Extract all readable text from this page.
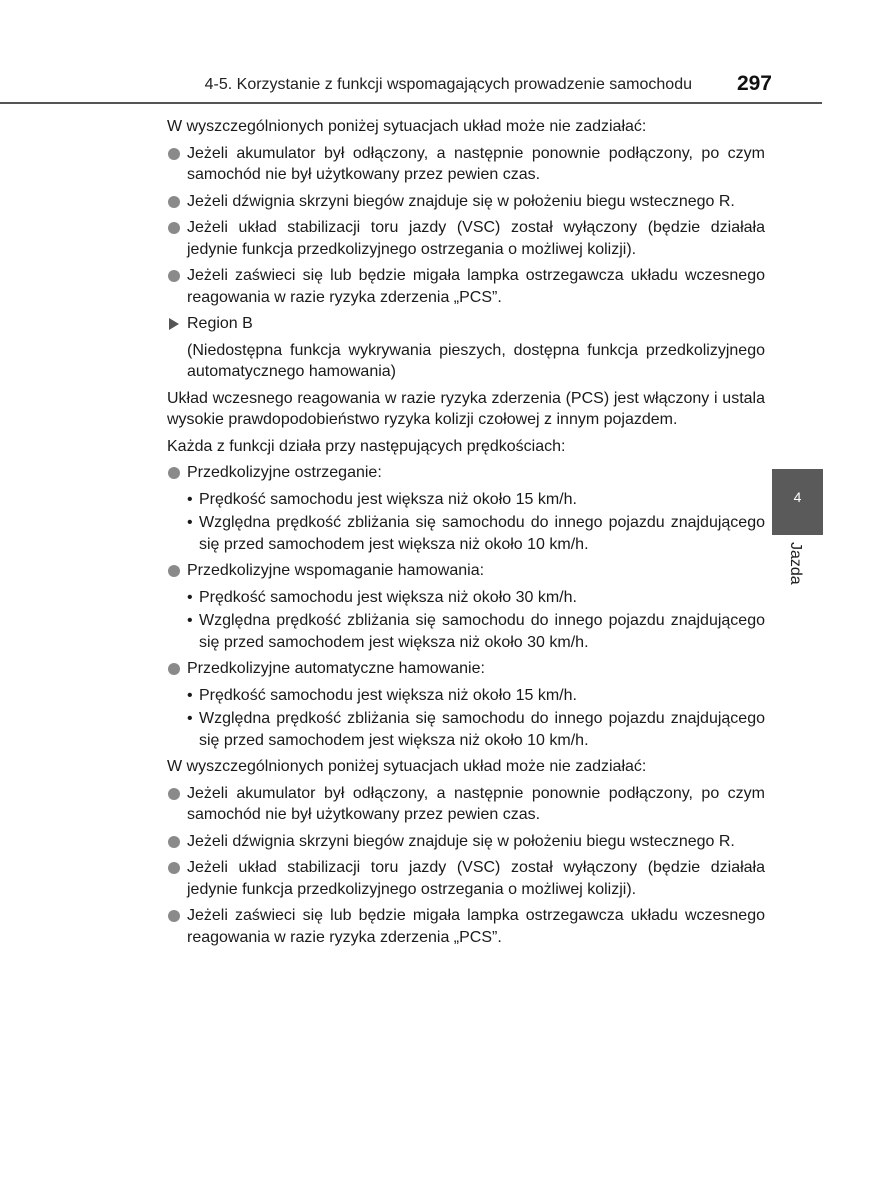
4-5. Korzystanie z funkcji wspomagających prowadzenie samochodu 297
4
Jazda

W wyszczególnionych poniżej sytuacjach układ może nie zadziałać:

Jeżeli akumulator był odłączony, a następnie ponownie podłączony, po czym samochód nie był użytkowany przez pewien czas.
Jeżeli dźwignia skrzyni biegów znajduje się w położeniu biegu wstecznego R.
Jeżeli układ stabilizacji toru jazdy (VSC) został wyłączony (będzie działała jedynie funkcja przedkolizyjnego ostrzegania o możliwej kolizji).
Jeżeli zaświeci się lub będzie migała lampka ostrzegawcza układu wczesnego reagowania w razie ryzyka zderzenia „PCS”.
Region B

(Niedostępna funkcja wykrywania pieszych, dostępna funkcja przedkolizyjnego automatycznego hamowania)

Układ wczesnego reagowania w razie ryzyka zderzenia (PCS) jest włączony i ustala wysokie prawdopodobieństwo ryzyka kolizji czołowej z innym pojazdem.

Każda z funkcji działa przy następujących prędkościach:

Przedkolizyjne ostrzeganie:
• Prędkość samochodu jest większa niż około 15 km/h.
• Względna prędkość zbliżania się samochodu do innego pojazdu znajdującego się przed samochodem jest większa niż około 10 km/h.
Przedkolizyjne wspomaganie hamowania:
• Prędkość samochodu jest większa niż około 30 km/h.
• Względna prędkość zbliżania się samochodu do innego pojazdu znajdującego się przed samochodem jest większa niż około 30 km/h.
Przedkolizyjne automatyczne hamowanie:
• Prędkość samochodu jest większa niż około 15 km/h.
• Względna prędkość zbliżania się samochodu do innego pojazdu znajdującego się przed samochodem jest większa niż około 10 km/h.

W wyszczególnionych poniżej sytuacjach układ może nie zadziałać:

Jeżeli akumulator był odłączony, a następnie ponownie podłączony, po czym samochód nie był użytkowany przez pewien czas.
Jeżeli dźwignia skrzyni biegów znajduje się w położeniu biegu wstecznego R.
Jeżeli układ stabilizacji toru jazdy (VSC) został wyłączony (będzie działała jedynie funkcja przedkolizyjnego ostrzegania o możliwej kolizji).
Jeżeli zaświeci się lub będzie migała lampka ostrzegawcza układu wczesnego reagowania w razie ryzyka zderzenia „PCS”.
